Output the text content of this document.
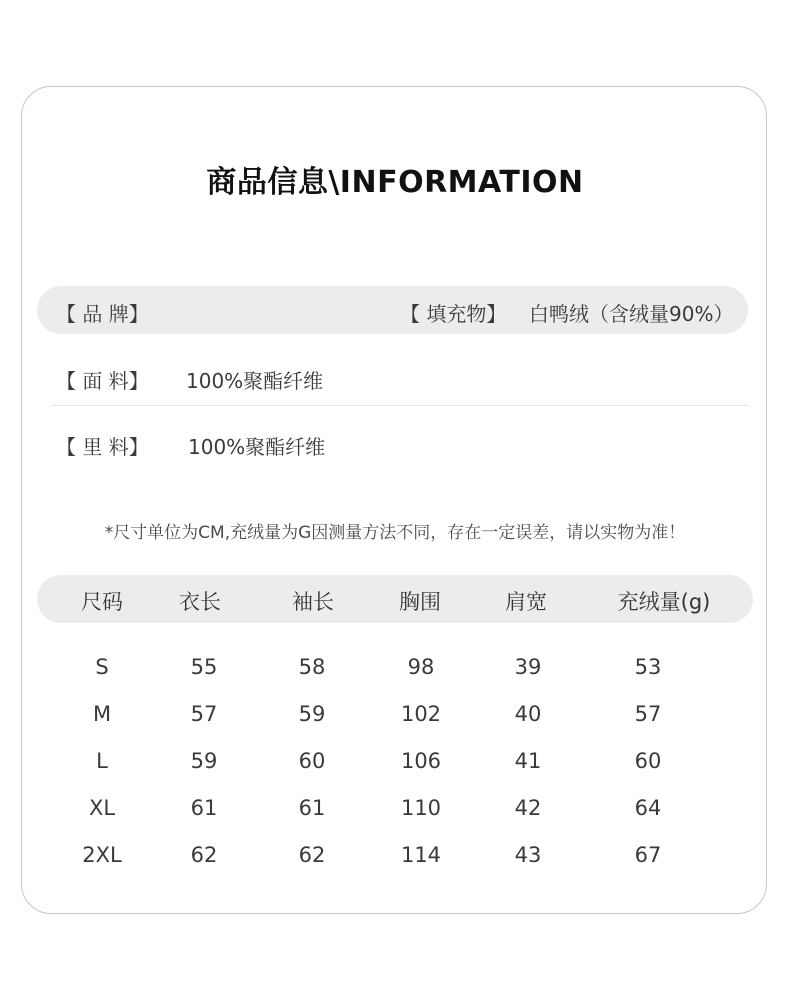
商品信息\INFORMATION
【 品 牌】	【 填充物】 白鸭绒（含绒量90%）
【 面 料】 100%聚酯纤维
【 里 料】 100%聚酯纤维
*尺寸单位为CM,充绒量为G因测量方法不同，存在一定误差，请以实物为准！
尺码	衣长	袖长	胸围	肩宽	充绒量(g)
S	55	58	98	39	53
M	57	59	102	40	57
L	59	60	106	41	60
XL	61	61	110	42	64
2XL	62	62	114	43	67
